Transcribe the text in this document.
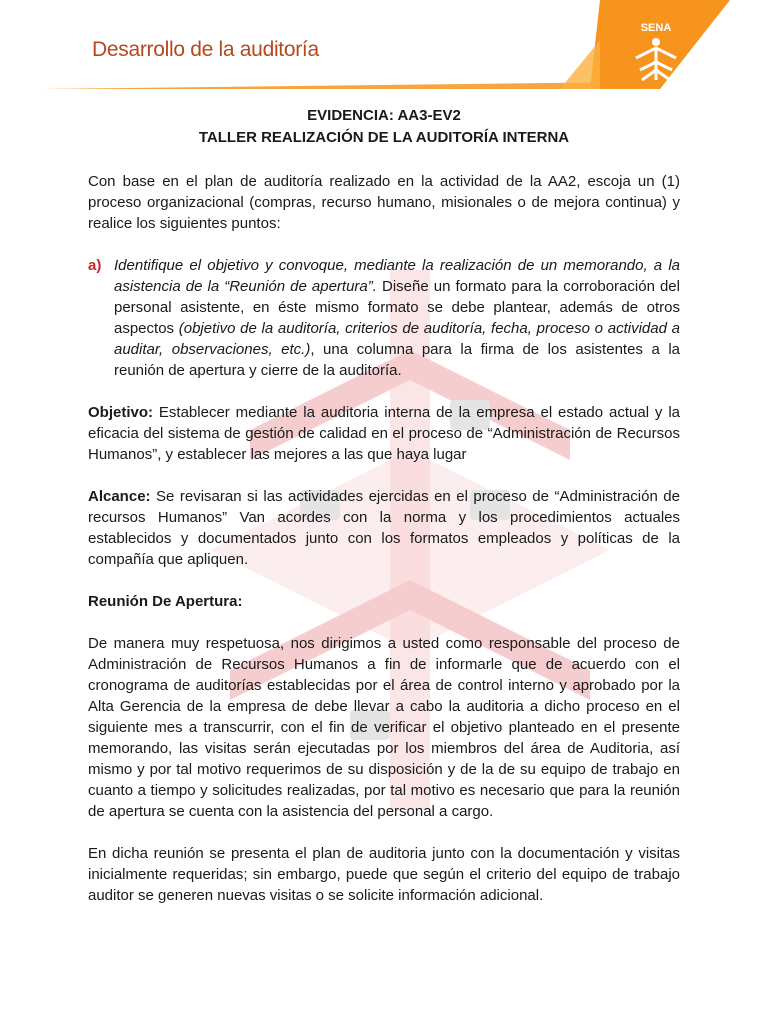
Desarrollo de la auditoría
SENA
EVIDENCIA: AA3-EV2
TALLER REALIZACIÓN DE LA AUDITORÍA INTERNA

Con base en el plan de auditoría realizado en la actividad de la AA2, escoja un (1) proceso organizacional (compras, recurso humano, misionales o de mejora continua) y realice los siguientes puntos:

a) Identifique el objetivo y convoque, mediante la realización de un memorando, a la asistencia de la “Reunión de apertura”. Diseñe un formato para la corroboración del personal asistente, en éste mismo formato se debe plantear, además de otros aspectos (objetivo de la auditoría, criterios de auditoría, fecha, proceso o actividad a auditar, observaciones, etc.), una columna para la firma de los asistentes a la reunión de apertura y cierre de la auditoría.

Objetivo: Establecer mediante la auditoria interna de la empresa el estado actual y la eficacia del sistema de gestión de calidad en el proceso de “Administración de Recursos Humanos”, y establecer las mejores a las que haya lugar

Alcance: Se revisaran si las actividades ejercidas en el proceso de “Administración de recursos Humanos” Van acordes con la norma y los procedimientos actuales establecidos y documentados junto con los formatos empleados y políticas de la compañía que apliquen.

Reunión De Apertura:

De manera muy respetuosa, nos dirigimos a usted como responsable del proceso de Administración de Recursos Humanos a fin de informarle que de acuerdo con el cronograma de auditorías establecidas por el área de control interno y aprobado por la Alta Gerencia de la empresa de debe llevar a cabo la auditoria a dicho proceso en el siguiente mes a transcurrir, con el fin de verificar el objetivo planteado en el presente memorando, las visitas serán ejecutadas por los miembros del área de Auditoria, así mismo y por tal motivo requerimos de su disposición y de la de su equipo de trabajo en cuanto a tiempo y solicitudes realizadas, por tal motivo es necesario que para la reunión de apertura se cuenta con la asistencia del personal a cargo.

En dicha reunión se presenta el plan de auditoria junto con la documentación y visitas inicialmente requeridas; sin embargo, puede que según el criterio del equipo de trabajo auditor se generen nuevas visitas o se solicite información adicional.
